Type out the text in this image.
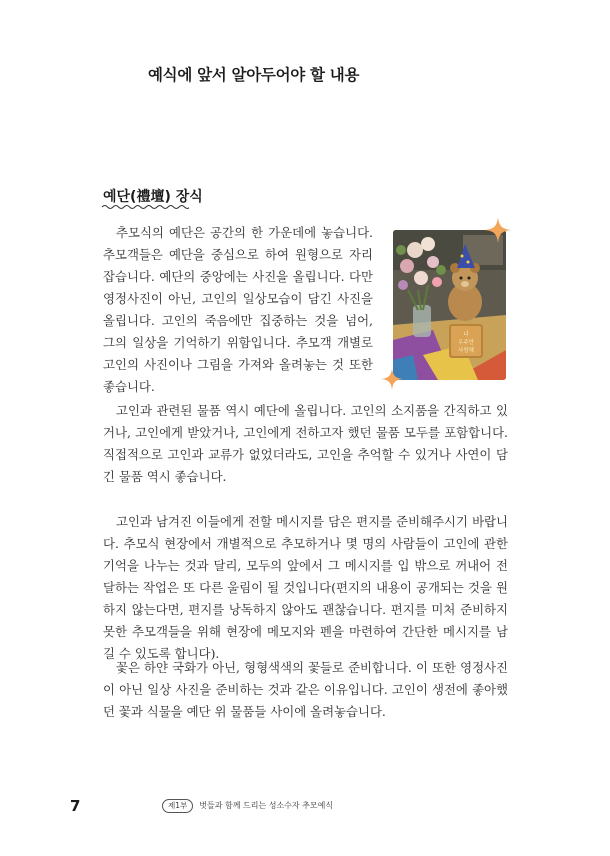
예식에 앞서 알아두어야 할 내용
예단(禮壇) 장식

추모식의 예단은 공간의 한 가운데에 놓습니다. 추모객들은 예단을 중심으로 하여 원형으로 자리 잡습니다. 예단의 중앙에는 사진을 올립니다. 다만 영정사진이 아닌, 고인의 일상모습이 담긴 사진을 올립니다. 고인의 죽음에만 집중하는 것을 넘어, 그의 일상을 기억하기 위함입니다. 추모객 개별로 고인의 사진이나 그림을 가져와 올려놓는 것 또한 좋습니다.

너
우주만
사랑해

고인과 관련된 물품 역시 예단에 올립니다. 고인의 소지품을 간직하고 있거나, 고인에게 받았거나, 고인에게 전하고자 했던 물품 모두를 포함합니다. 직접적으로 고인과 교류가 없었더라도, 고인을 추억할 수 있거나 사연이 담긴 물품 역시 좋습니다.

고인과 남겨진 이들에게 전할 메시지를 담은 편지를 준비해주시기 바랍니다. 추모식 현장에서 개별적으로 추모하거나 몇 명의 사람들이 고인에 관한 기억을 나누는 것과 달리, 모두의 앞에서 그 메시지를 입 밖으로 꺼내어 전달하는 작업은 또 다른 울림이 될 것입니다(편지의 내용이 공개되는 것을 원하지 않는다면, 편지를 낭독하지 않아도 괜찮습니다. 편지를 미처 준비하지 못한 추모객들을 위해 현장에 메모지와 펜을 마련하여 간단한 메시지를 남길 수 있도록 합니다).

꽃은 하얀 국화가 아닌, 형형색색의 꽃들로 준비합니다. 이 또한 영정사진이 아닌 일상 사진을 준비하는 것과 같은 이유입니다. 고인이 생전에 좋아했던 꽃과 식물을 예단 위 물품들 사이에 올려놓습니다.

7	제1부	벗들과 함께 드리는 성소수자 추모예식
